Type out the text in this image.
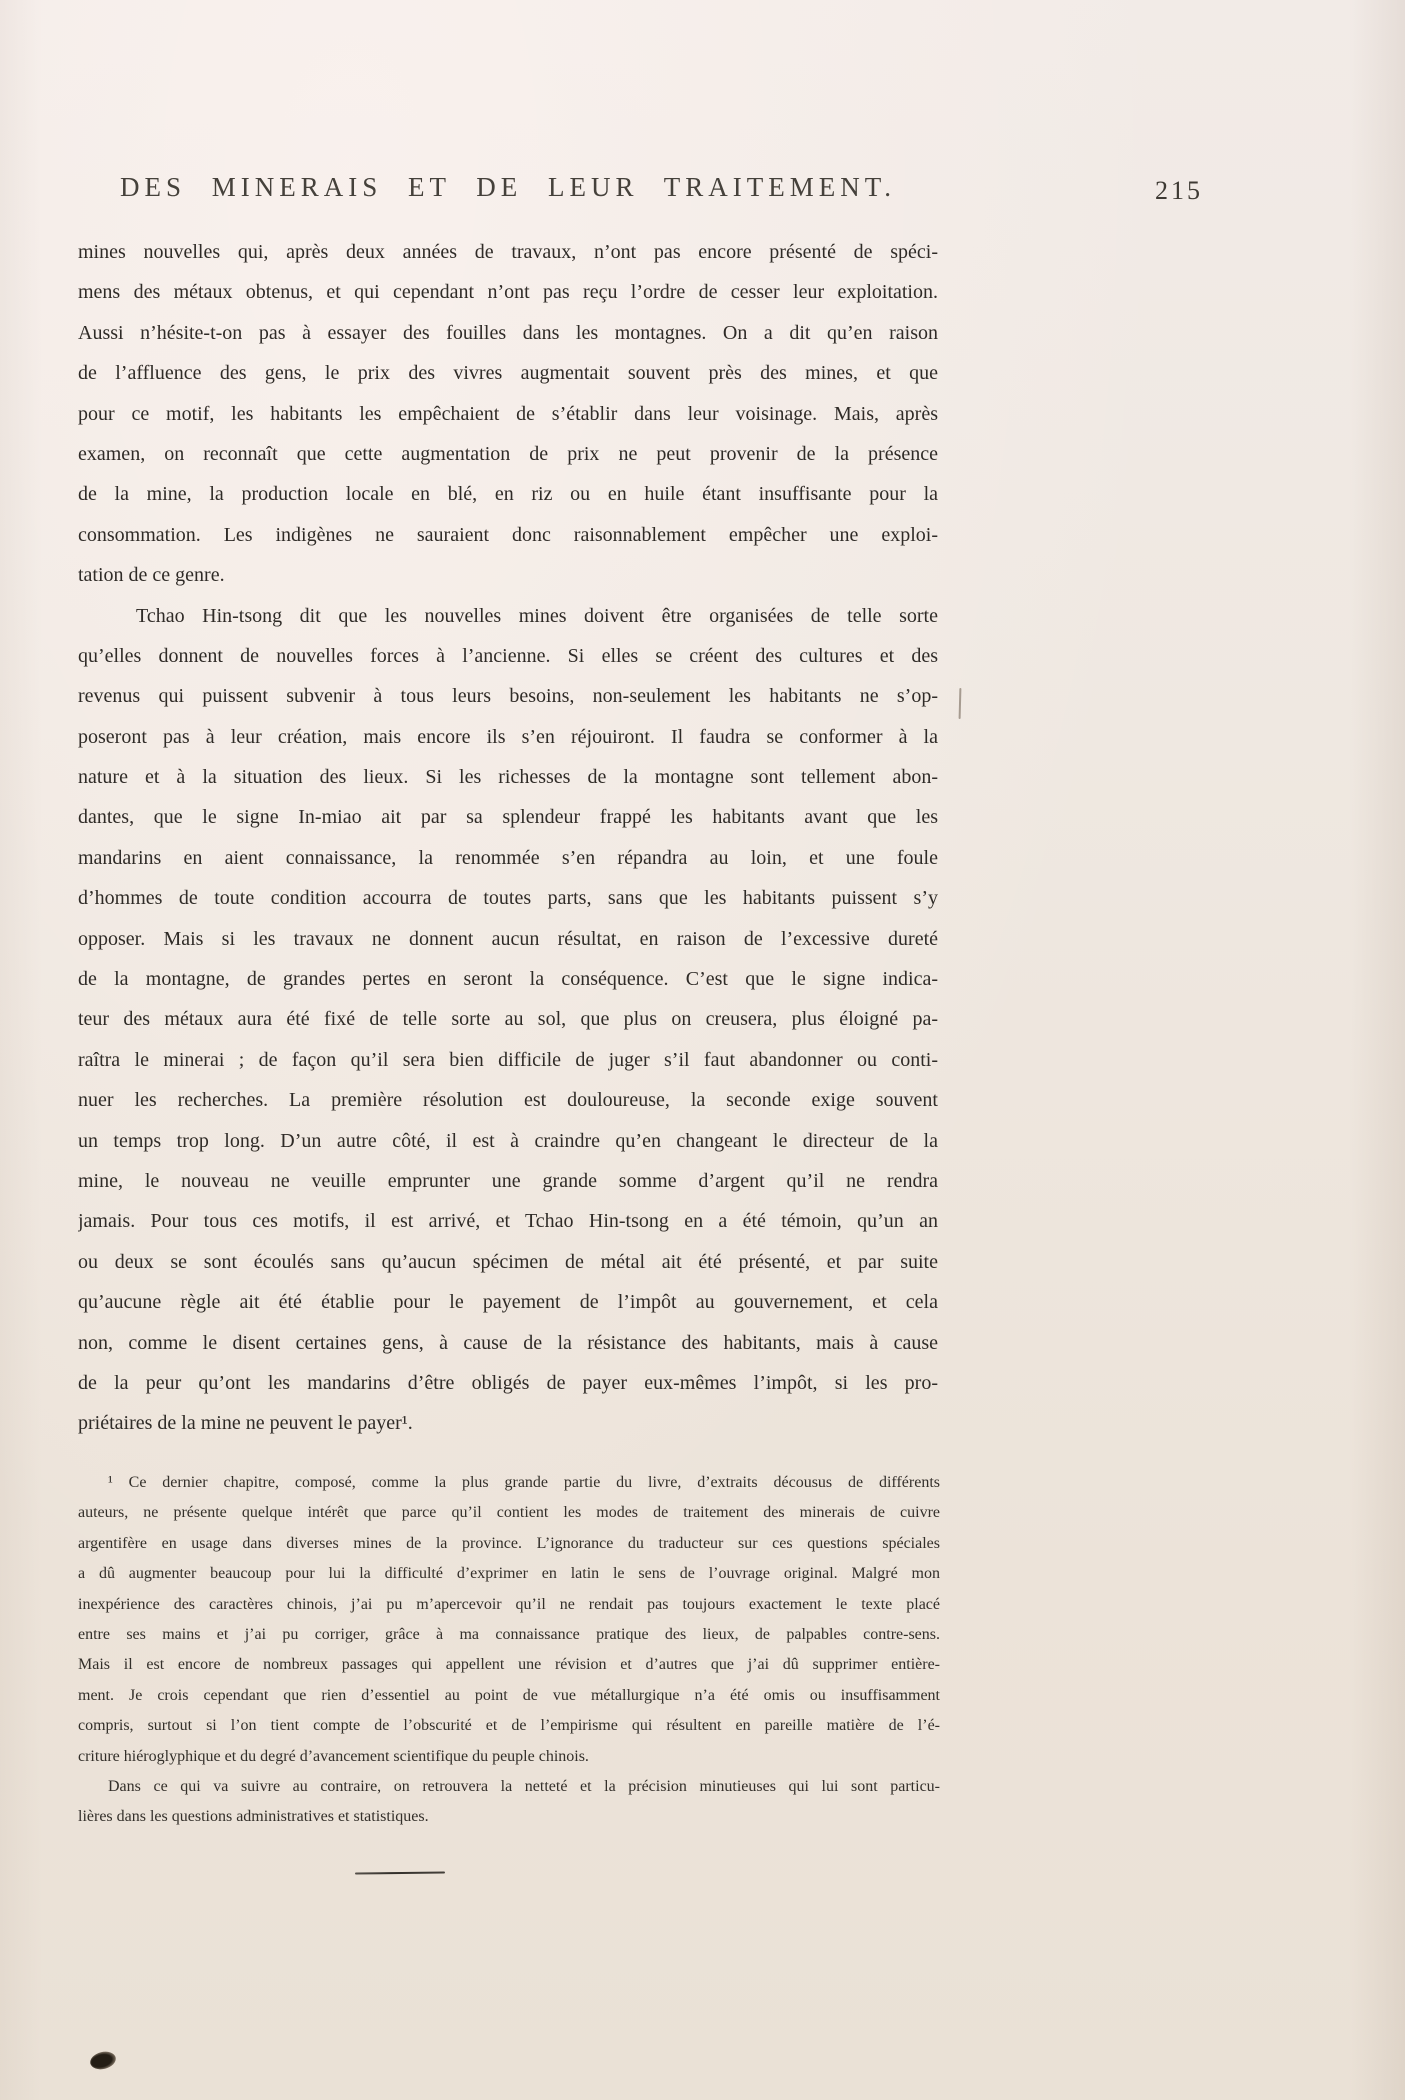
DES MINERAIS ET DE LEUR TRAITEMENT.	215
mines nouvelles qui, après deux années de travaux, n’ont pas encore présenté de spéci-
mens des métaux obtenus, et qui cependant n’ont pas reçu l’ordre de cesser leur exploitation.
Aussi n’hésite-t-on pas à essayer des fouilles dans les montagnes. On a dit qu’en raison
de l’affluence des gens, le prix des vivres augmentait souvent près des mines, et que
pour ce motif, les habitants les empêchaient de s’établir dans leur voisinage. Mais, après
examen, on reconnaît que cette augmentation de prix ne peut provenir de la présence
de la mine, la production locale en blé, en riz ou en huile étant insuffisante pour la
consommation. Les indigènes ne sauraient donc raisonnablement empêcher une exploi-
tation de ce genre.
Tchao Hin-tsong dit que les nouvelles mines doivent être organisées de telle sorte
qu’elles donnent de nouvelles forces à l’ancienne. Si elles se créent des cultures et des
revenus qui puissent subvenir à tous leurs besoins, non-seulement les habitants ne s’op-
poseront pas à leur création, mais encore ils s’en réjouiront. Il faudra se conformer à la
nature et à la situation des lieux. Si les richesses de la montagne sont tellement abon-
dantes, que le signe In-miao ait par sa splendeur frappé les habitants avant que les
mandarins en aient connaissance, la renommée s’en répandra au loin, et une foule
d’hommes de toute condition accourra de toutes parts, sans que les habitants puissent s’y
opposer. Mais si les travaux ne donnent aucun résultat, en raison de l’excessive dureté
de la montagne, de grandes pertes en seront la conséquence. C’est que le signe indica-
teur des métaux aura été fixé de telle sorte au sol, que plus on creusera, plus éloigné pa-
raîtra le minerai ; de façon qu’il sera bien difficile de juger s’il faut abandonner ou conti-
nuer les recherches. La première résolution est douloureuse, la seconde exige souvent
un temps trop long. D’un autre côté, il est à craindre qu’en changeant le directeur de la
mine, le nouveau ne veuille emprunter une grande somme d’argent qu’il ne rendra
jamais. Pour tous ces motifs, il est arrivé, et Tchao Hin-tsong en a été témoin, qu’un an
ou deux se sont écoulés sans qu’aucun spécimen de métal ait été présenté, et par suite
qu’aucune règle ait été établie pour le payement de l’impôt au gouvernement, et cela
non, comme le disent certaines gens, à cause de la résistance des habitants, mais à cause
de la peur qu’ont les mandarins d’être obligés de payer eux-mêmes l’impôt, si les pro-
priétaires de la mine ne peuvent le payer¹.
¹ Ce dernier chapitre, composé, comme la plus grande partie du livre, d’extraits décousus de différents
auteurs, ne présente quelque intérêt que parce qu’il contient les modes de traitement des minerais de cuivre
argentifère en usage dans diverses mines de la province. L’ignorance du traducteur sur ces questions spéciales
a dû augmenter beaucoup pour lui la difficulté d’exprimer en latin le sens de l’ouvrage original. Malgré mon
inexpérience des caractères chinois, j’ai pu m’apercevoir qu’il ne rendait pas toujours exactement le texte placé
entre ses mains et j’ai pu corriger, grâce à ma connaissance pratique des lieux, de palpables contre-sens.
Mais il est encore de nombreux passages qui appellent une révision et d’autres que j’ai dû supprimer entière-
ment. Je crois cependant que rien d’essentiel au point de vue métallurgique n’a été omis ou insuffisamment
compris, surtout si l’on tient compte de l’obscurité et de l’empirisme qui résultent en pareille matière de l’é-
criture hiéroglyphique et du degré d’avancement scientifique du peuple chinois.
Dans ce qui va suivre au contraire, on retrouvera la netteté et la précision minutieuses qui lui sont particu-
lières dans les questions administratives et statistiques.
